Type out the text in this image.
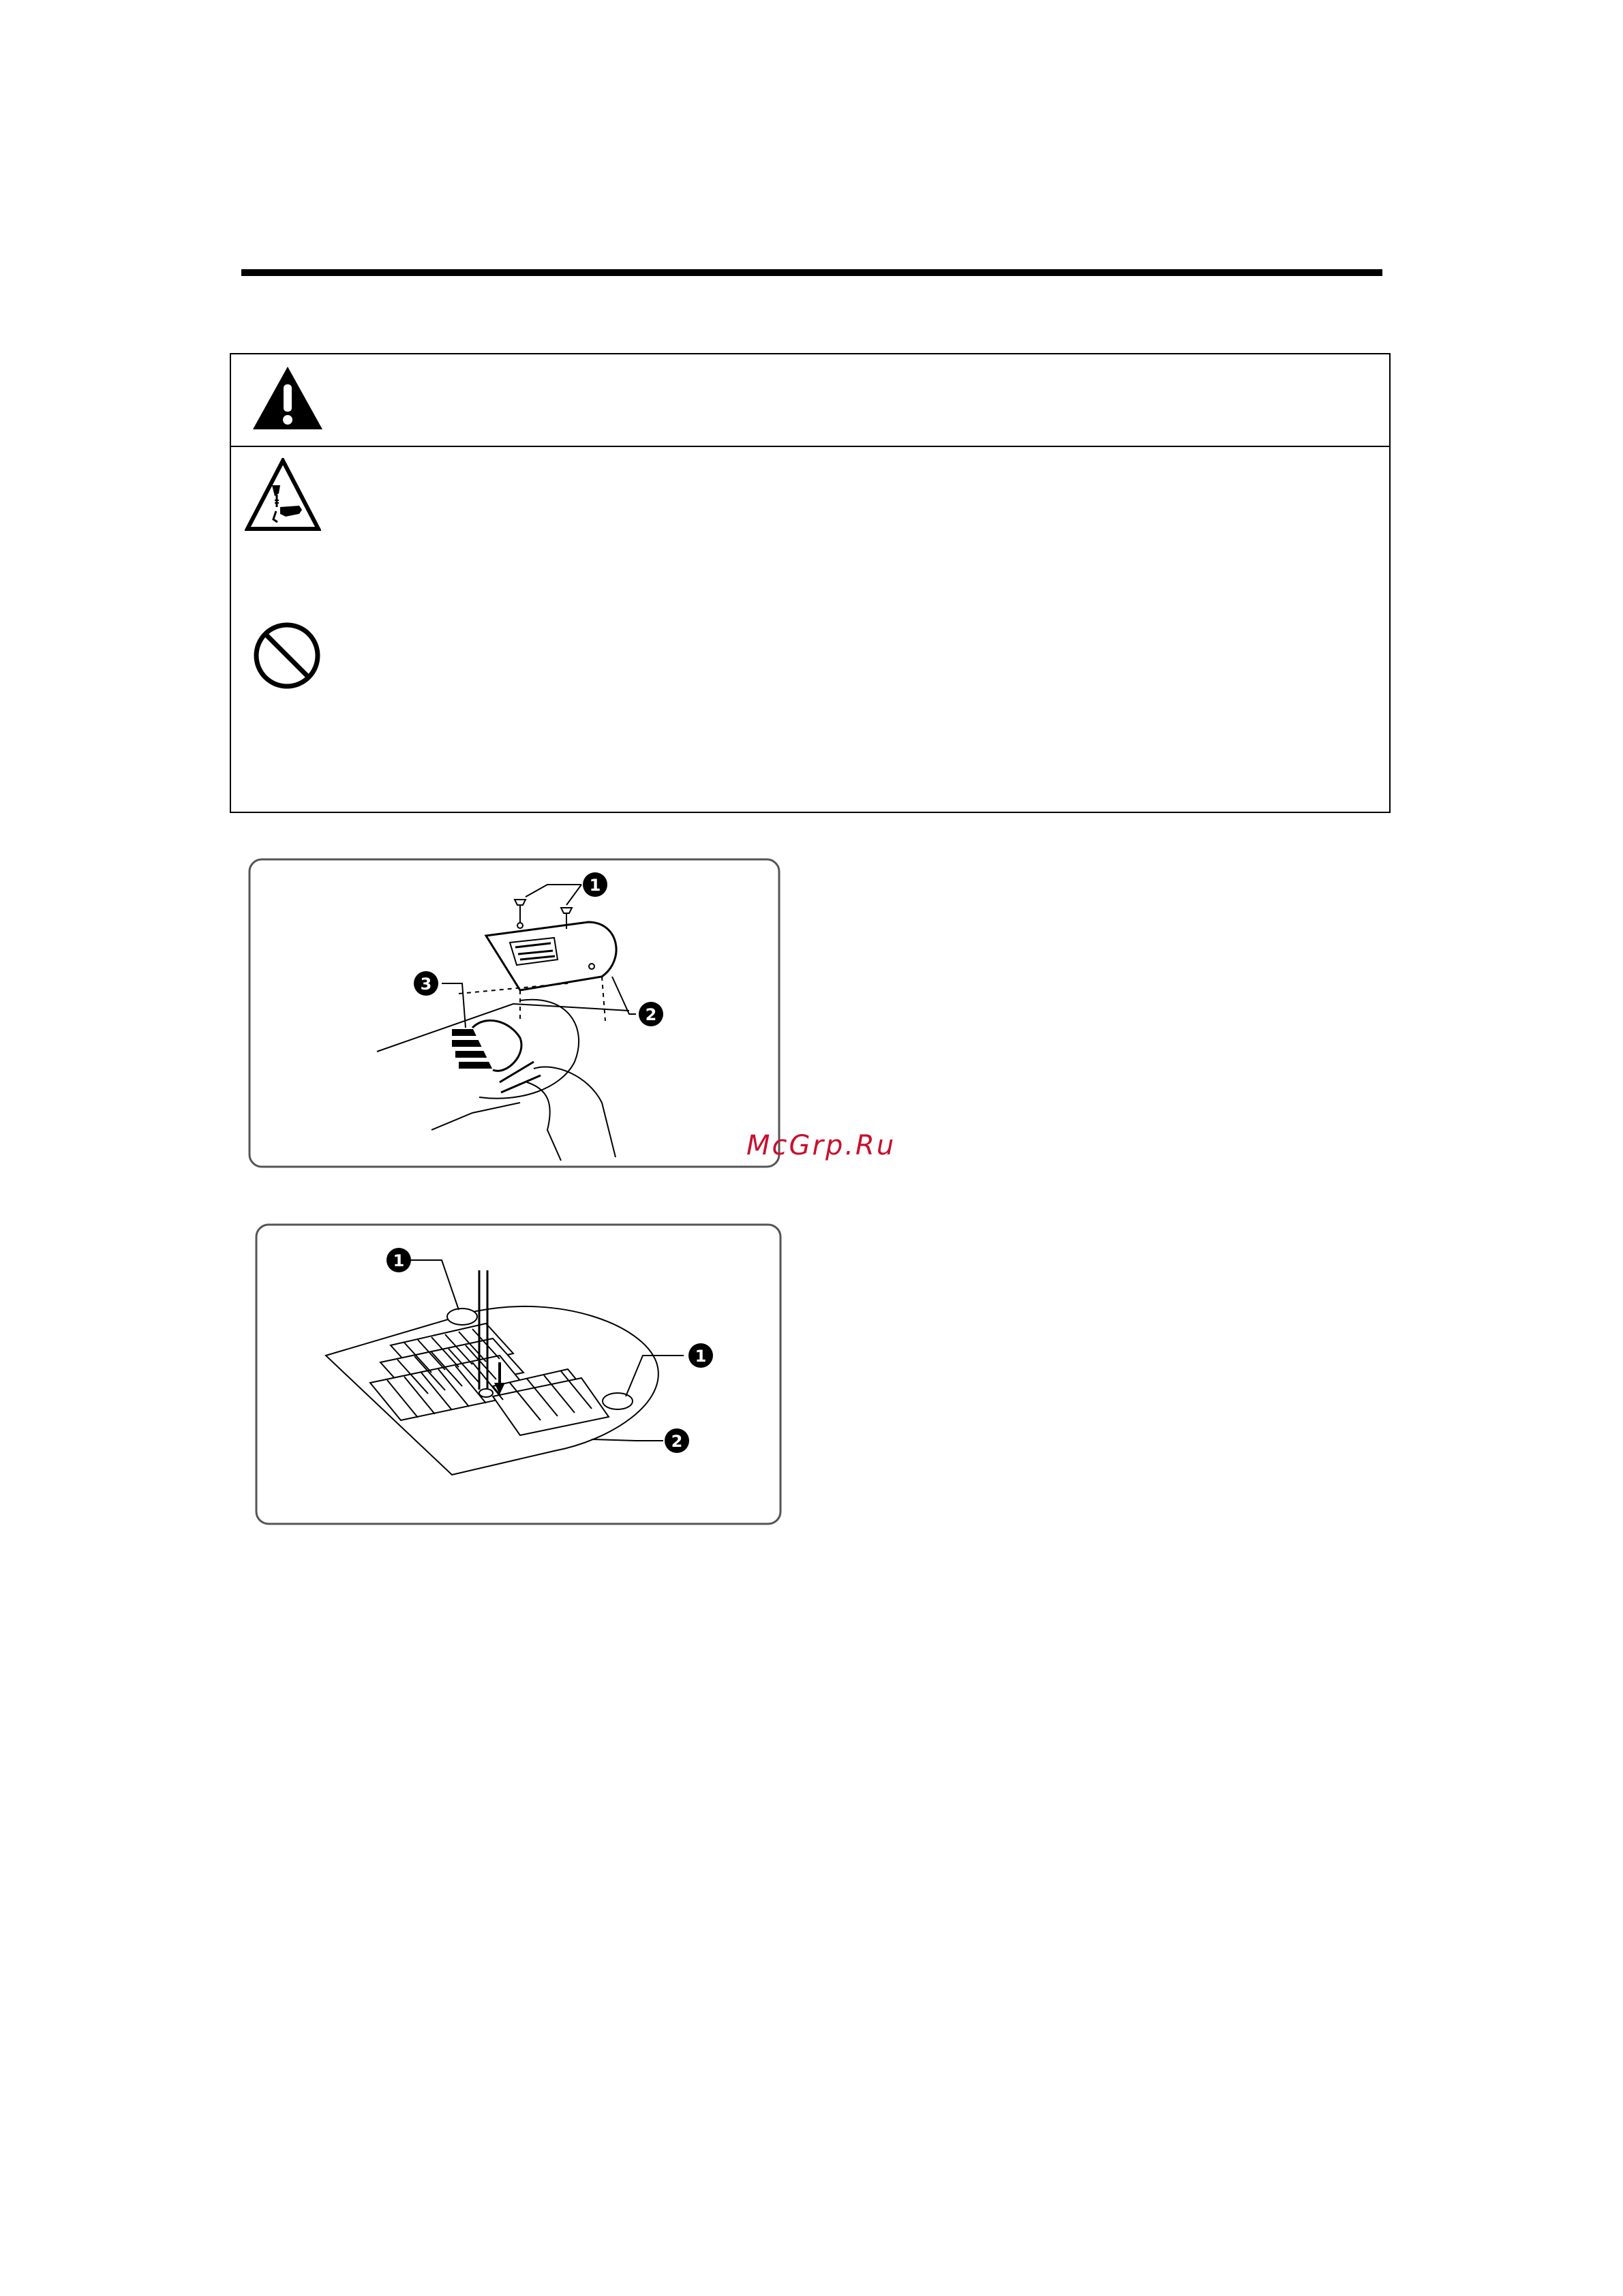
1
2
3
1
1
2
McGrp.Ru
